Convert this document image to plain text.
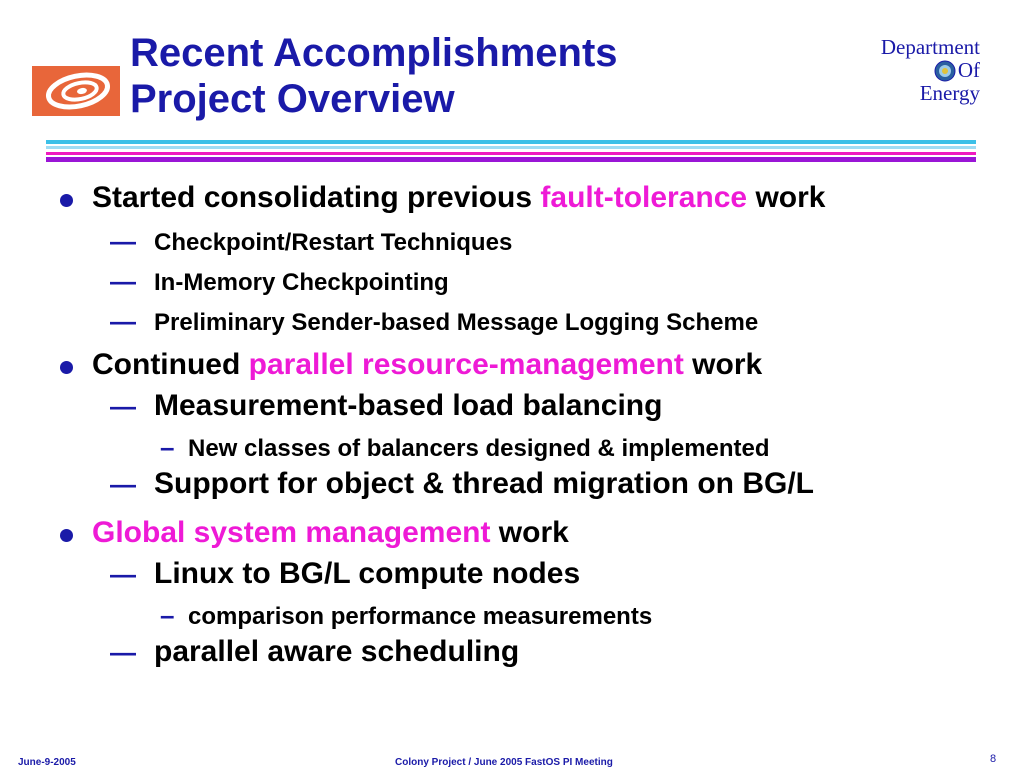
Recent Accomplishments
Project Overview
Department
Of
Energy
Started consolidating previous fault-tolerance work
— Checkpoint/Restart Techniques
— In-Memory Checkpointing
— Preliminary Sender-based Message Logging Scheme
Continued parallel resource-management work
— Measurement-based load balancing
– New classes of balancers designed & implemented
— Support for object & thread migration on BG/L
Global system management work
— Linux to BG/L compute nodes
– comparison performance measurements
— parallel aware scheduling
June-9-2005	Colony Project / June 2005 FastOS PI Meeting	8
